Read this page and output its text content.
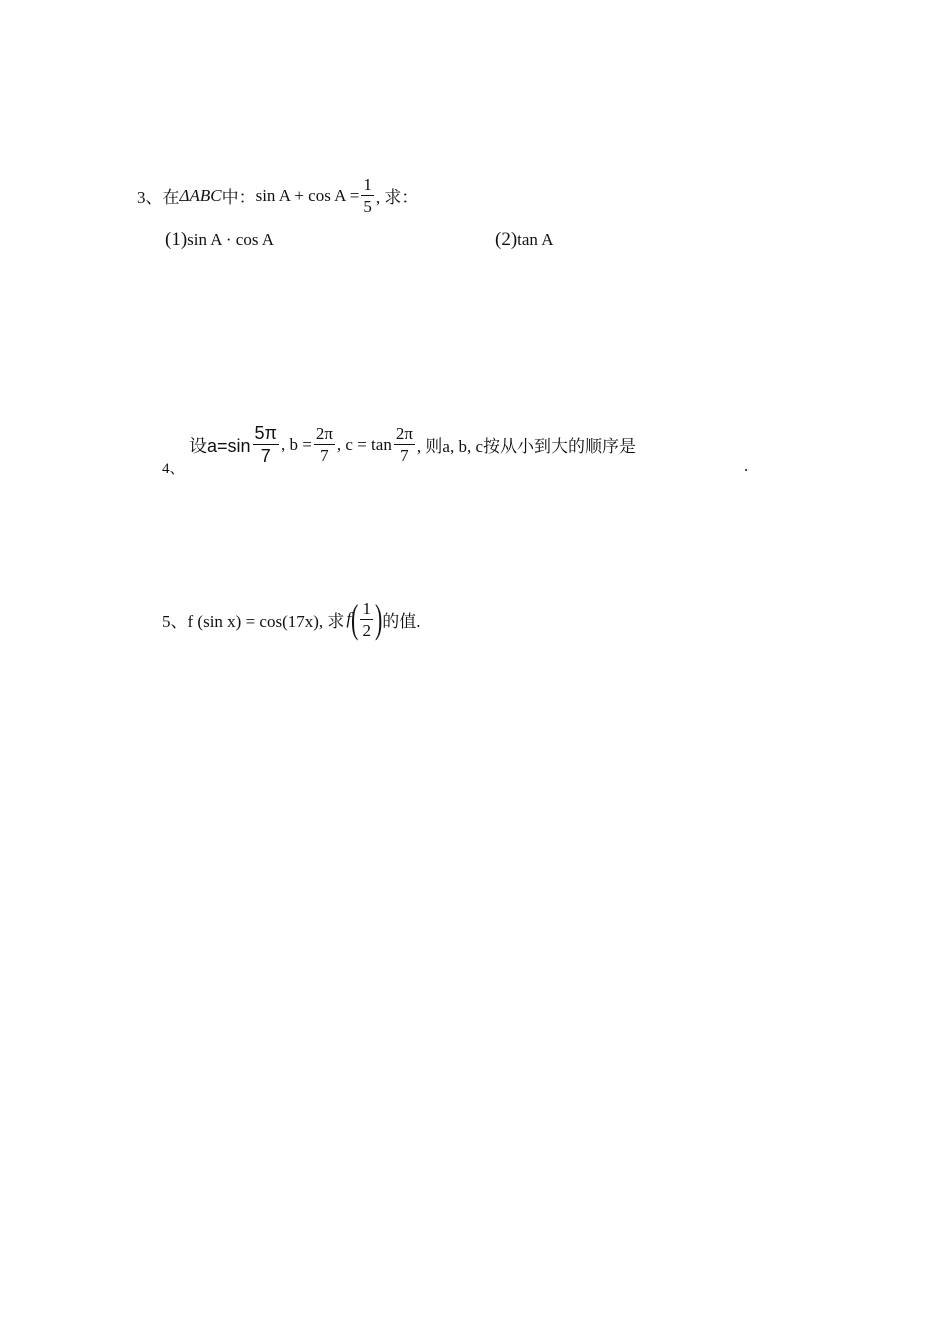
3、 在 ΔABC 中： $\sin A + \cos A = \frac{1}{5}$ , 求：
(1) sin A · cos A	(2) tan A
4、
设$a=\sin \frac{5\pi}{7}$ , $b = \frac{2\pi}{7}$ , $c = \tan \frac{2\pi}{7}$ , 则a, b, c按从小到大的顺序是
.
5、 f (sin x) = cos(17x), 求 f ( $\frac{1}{2}$ ) 的值.
